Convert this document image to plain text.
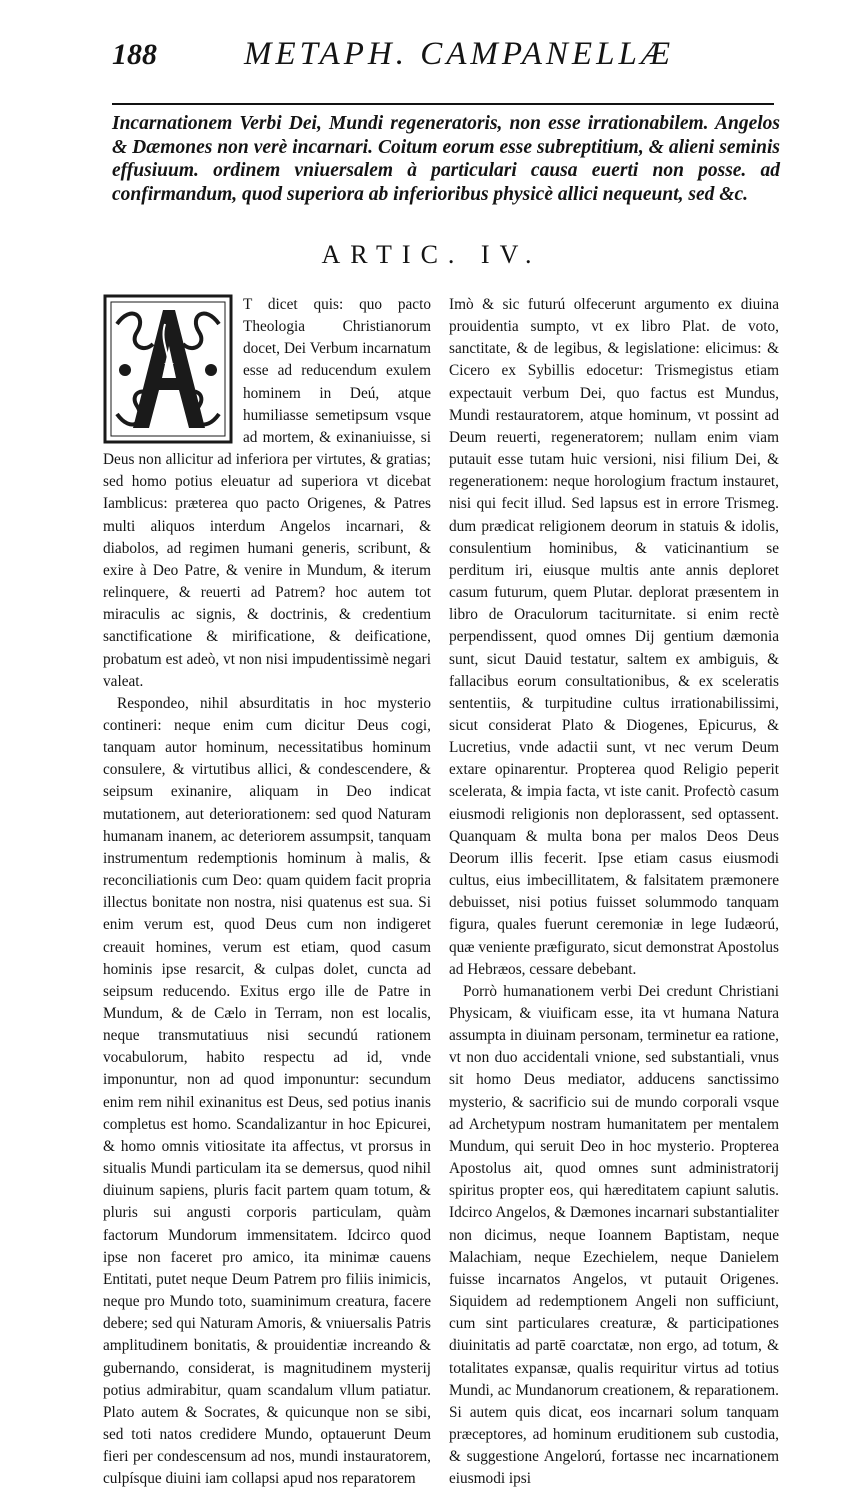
188	METAPH. CAMPANELLÆ

Incarnationem Verbi Dei, Mundi regeneratoris, non esse irrationabilem. Angelos & Dæmones non verè incarnari. Coitum eorum esse subreptitium, & alieni seminis effusiuum. ordinem vniuersalem à particulari causa euerti non posse. ad confirmandum, quod superiora ab inferioribus physicè allici nequeunt, sed &c.

ARTIC. IV.
A

T dicet quis: quo pacto Theologia Christianorum docet, Dei Verbum incarnatum esse ad reducendum exulem hominem in Deú, atque humiliasse semetipsum vsque ad mortem, & exinaniuisse, si Deus non allicitur ad inferiora per virtutes, & gratias; sed homo potius eleuatur ad superiora vt dicebat Iamblicus: præterea quo pacto Origenes, & Patres multi aliquos interdum Angelos incarnari, & diabolos, ad regimen humani generis, scribunt, & exire à Deo Patre, & venire in Mundum, & iterum relinquere, & reuerti ad Patrem? hoc autem tot miraculis ac signis, & doctrinis, & credentium sanctificatione & mirificatione, & deificatione, probatum est adeò, vt non nisi impudentissimè negari valeat.

Respondeo, nihil absurditatis in hoc mysterio contineri: neque enim cum dicitur Deus cogi, tanquam autor hominum, necessitatibus hominum consulere, & virtutibus allici, & condescendere, & seipsum exinanire, aliquam in Deo indicat mutationem, aut deteriorationem: sed quod Naturam humanam inanem, ac deteriorem assumpsit, tanquam instrumentum redemptionis hominum à malis, & reconciliationis cum Deo: quam quidem facit propria illectus bonitate non nostra, nisi quatenus est sua. Si enim verum est, quod Deus cum non indigeret creauit homines, verum est etiam, quod casum hominis ipse resarcit, & culpas dolet, cuncta ad seipsum reducendo. Exitus ergo ille de Patre in Mundum, & de Cælo in Terram, non est localis, neque transmutatiuus nisi secundú rationem vocabulorum, habito respectu ad id, vnde imponuntur, non ad quod imponuntur: secundum enim rem nihil exinanitus est Deus, sed potius inanis completus est homo. Scandalizantur in hoc Epicurei, & homo omnis vitiositate ita affectus, vt prorsus in situalis Mundi particulam ita se demersus, quod nihil diuinum sapiens, pluris facit partem quam totum, & pluris sui angusti corporis particulam, quàm factorum Mundorum immensitatem. Idcirco quod ipse non faceret pro amico, ita minimæ cauens Entitati, putet neque Deum Patrem pro filiis inimicis, neque pro Mundo toto, suaminimum creatura, facere debere; sed qui Naturam Amoris, & vniuersalis Patris amplitudinem bonitatis, & prouidentiæ increando & gubernando, considerat, is magnitudinem mysterij potius admirabitur, quam scandalum vllum patiatur. Plato autem & Socrates, & quicunque non se sibi, sed toti natos credidere Mundo, optauerunt Deum fieri per condescensum ad nos, mundi instauratorem, culpísque diuini iam collapsi apud nos reparatorem

Imò & sic futurú olfecerunt argumento ex diuina prouidentia sumpto, vt ex libro Plat. de voto, sanctitate, & de legibus, & legislatione: elicimus: & Cicero ex Sybillis edocetur: Trismegistus etiam expectauit verbum Dei, quo factus est Mundus, Mundi restauratorem, atque hominum, vt possint ad Deum reuerti, regeneratorem; nullam enim viam putauit esse tutam huic versioni, nisi filium Dei, & regenerationem: neque horologium fractum instauret, nisi qui fecit illud. Sed lapsus est in errore Trismeg. dum prædicat religionem deorum in statuis & idolis, consulentium hominibus, & vaticinantium se perditum iri, eiusque multis ante annis deploret casum futurum, quem Plutar. deplorat præsentem in libro de Oraculorum taciturnitate. si enim rectè perpendissent, quod omnes Dij gentium dæmonia sunt, sicut Dauid testatur, saltem ex ambiguis, & fallacibus eorum consultationibus, & ex sceleratis sententiis, & turpitudine cultus irrationabilissimi, sicut considerat Plato & Diogenes, Epicurus, & Lucretius, vnde adactii sunt, vt nec verum Deum extare opinarentur. Propterea quod Religio peperit scelerata, & impia facta, vt iste canit. Profectò casum eiusmodi religionis non deplorassent, sed optassent. Quanquam & multa bona per malos Deos Deus Deorum illis fecerit. Ipse etiam casus eiusmodi cultus, eius imbecillitatem, & falsitatem præmonere debuisset, nisi potius fuisset solummodo tanquam figura, quales fuerunt ceremoniæ in lege Iudæorú, quæ veniente præfigurato, sicut demonstrat Apostolus ad Hebræos, cessare debebant.

Porrò humanationem verbi Dei credunt Christiani Physicam, & viuificam esse, ita vt humana Natura assumpta in diuinam personam, terminetur ea ratione, vt non duo accidentali vnione, sed substantiali, vnus sit homo Deus mediator, adducens sanctissimo mysterio, & sacrificio sui de mundo corporali vsque ad Archetypum nostram humanitatem per mentalem Mundum, qui seruit Deo in hoc mysterio. Propterea Apostolus ait, quod omnes sunt administratorij spiritus propter eos, qui hæreditatem capiunt salutis. Idcirco Angelos, & Dæmones incarnari substantialiter non dicimus, neque Ioannem Baptistam, neque Malachiam, neque Ezechielem, neque Danielem fuisse incarnatos Angelos, vt putauit Origenes. Siquidem ad redemptionem Angeli non sufficiunt, cum sint particulares creaturæ, & participationes diuinitatis ad partē coarctatæ, non ergo, ad totum, & totalitates expansæ, qualis requiritur virtus ad totius Mundi, ac Mundanorum creationem, & reparationem. Si autem quis dicat, eos incarnari solum tanquam præceptores, ad hominum eruditionem sub custodia, & suggestione Angelorú, fortasse nec incarnationem eiusmodi ipsi
